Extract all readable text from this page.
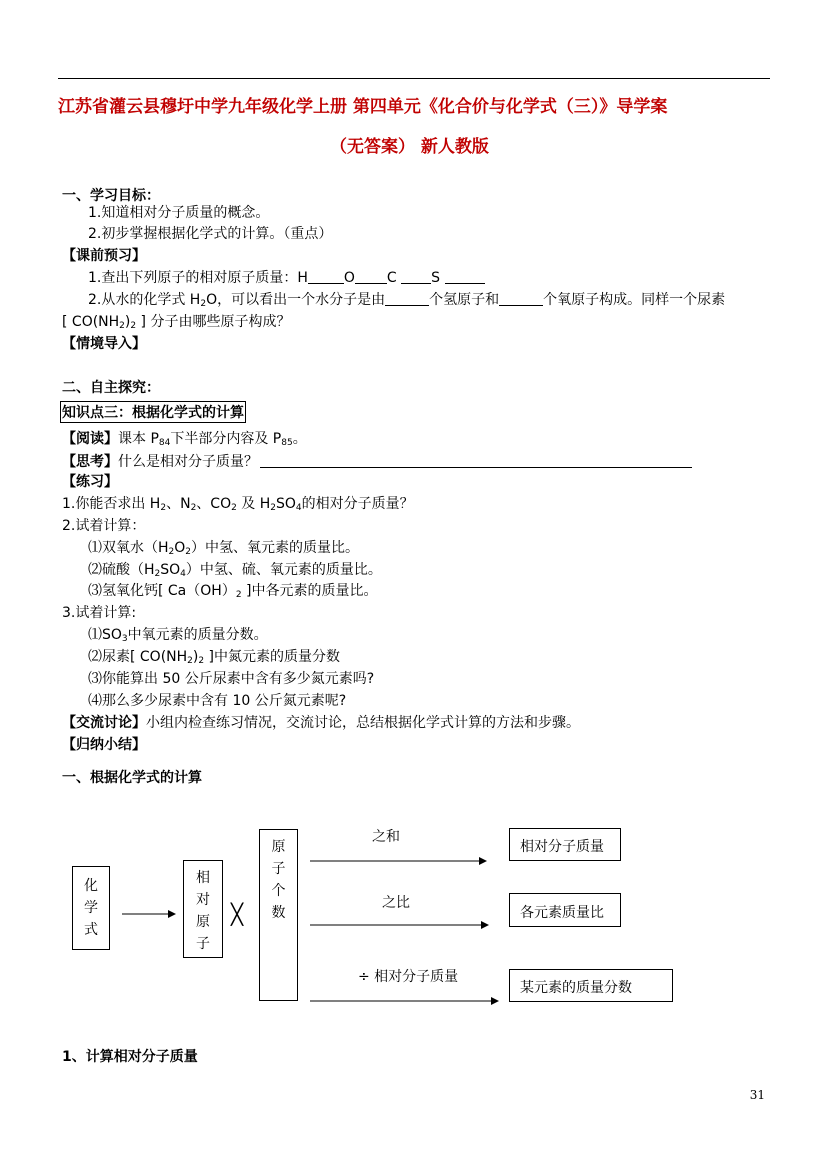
江苏省灌云县穆圩中学九年级化学上册 第四单元《化合价与化学式（三）》导学案
（无答案） 新人教版
一、学习目标：
1.知道相对分子质量的概念。
2.初步掌握根据化学式的计算。（重点）
【课前预习】
1.查出下列原子的相对原子质量：H	O C S
2.从水的化学式 $H_2O$，可以看出一个水分子是由	个氢原子和	个氧原子构成。同样一个尿素
[ $CO(NH_2)_2$ ] 分子由哪些原子构成？
【情境导入】
二、自主探究：
知识点三：根据化学式的计算
【阅读】课本 $P_{84}$下半部分内容及 $P_{85}$。
【思考】什么是相对分子质量？
【练习】
1.你能否求出 $H_2$、$N_2$、$CO_2$ 及 $H_2SO_4$的相对分子质量？
2.试着计算：
⑴双氧水$(H_2O_2)$中氢、氧元素的质量比。
⑵硫酸$(H_2SO_4)$中氢、硫、氧元素的质量比。
⑶氢氧化钙[ $Ca(OH)_2$ ]中各元素的质量比。
3.试着计算:
$⑴SO_3$中氧元素的质量分数。
⑵尿素[ $CO(NH_2)_2$ ]中氮元素的质量分数
⑶你能算出 50 公斤尿素中含有多少氮元素吗?
⑷那么多少尿素中含有 10 公斤氮元素呢?
【交流讨论】小组内检查练习情况，交流讨论，总结根据化学式计算的方法和步骤。
【归纳小结】
一、根据化学式的计算
化
学
式
相
对
原
子
╳
原
子
个
数
之和
之比
÷ 相对分子质量
相对分子质量
各元素质量比
某元素的质量分数
1、计算相对分子质量
31
